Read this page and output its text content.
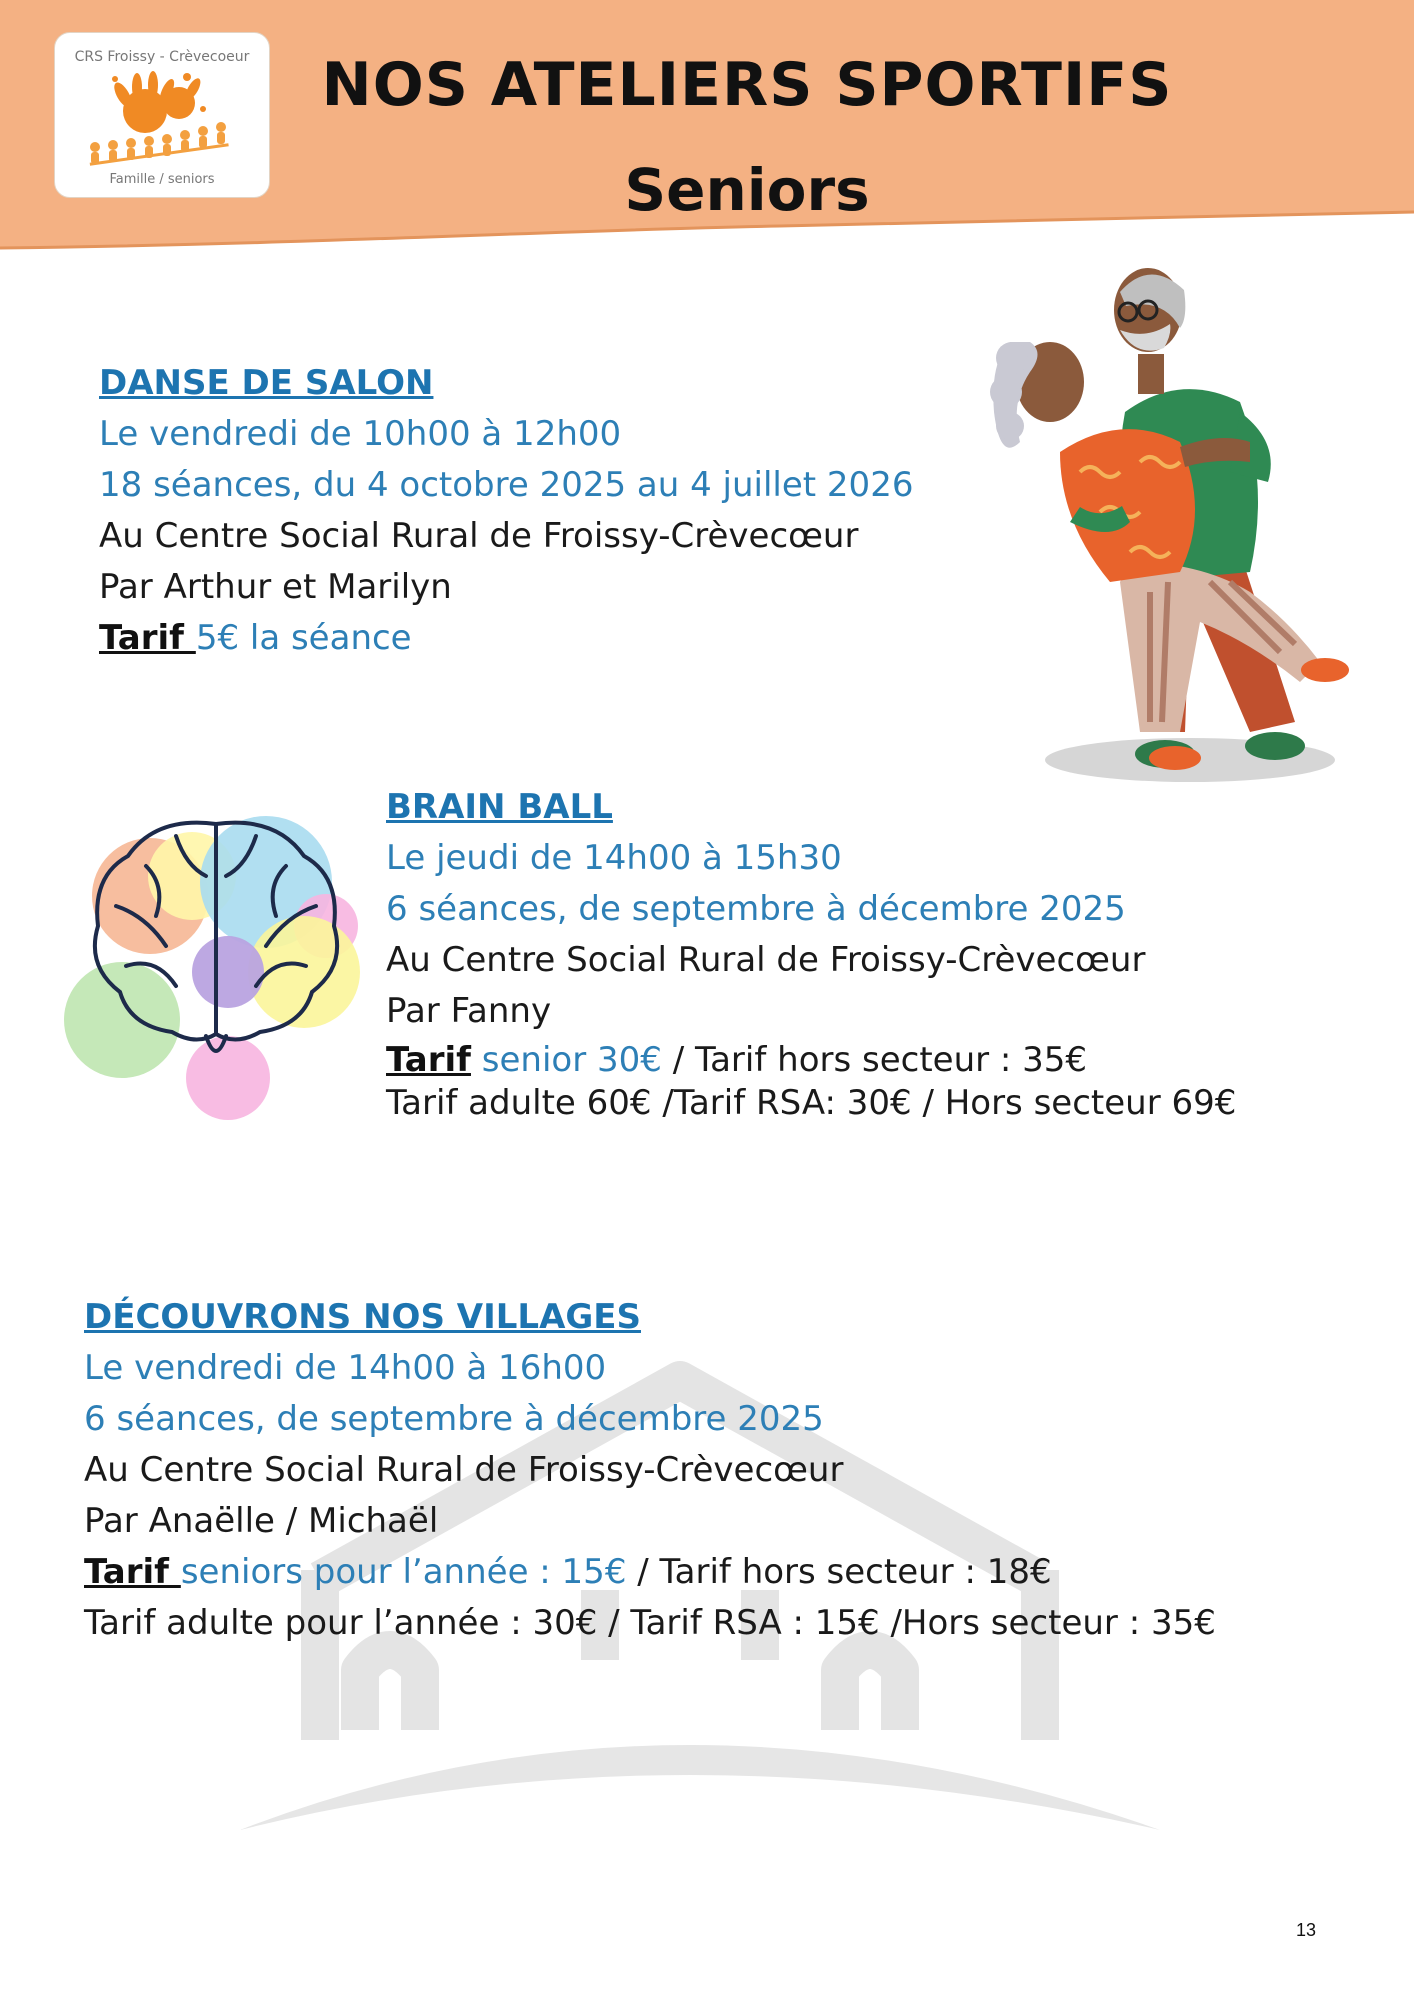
CRS Froissy - Crèvecoeur
Famille / seniors
NOS ATELIERS SPORTIFS
Seniors
DANSE DE SALON
Le vendredi de 10h00 à 12h00
18 séances, du 4 octobre 2025 au 4 juillet 2026
Au Centre Social Rural de Froissy-Crèvecœur
Par Arthur et Marilyn
Tarif 5€ la séance
BRAIN BALL
Le jeudi de 14h00 à 15h30
6 séances, de septembre à décembre 2025
Au Centre Social Rural de Froissy-Crèvecœur
Par Fanny
Tarif senior 30€ / Tarif hors secteur : 35€
Tarif adulte 60€ /Tarif RSA: 30€ / Hors secteur 69€
DÉCOUVRONS NOS VILLAGES
Le vendredi de 14h00 à 16h00
6 séances, de septembre à décembre 2025
Au Centre Social Rural de Froissy-Crèvecœur
Par Anaëlle / Michaël
Tarif seniors pour l’année : 15€ / Tarif hors secteur : 18€
Tarif adulte pour l’année : 30€ / Tarif RSA : 15€ /Hors secteur : 35€
13
